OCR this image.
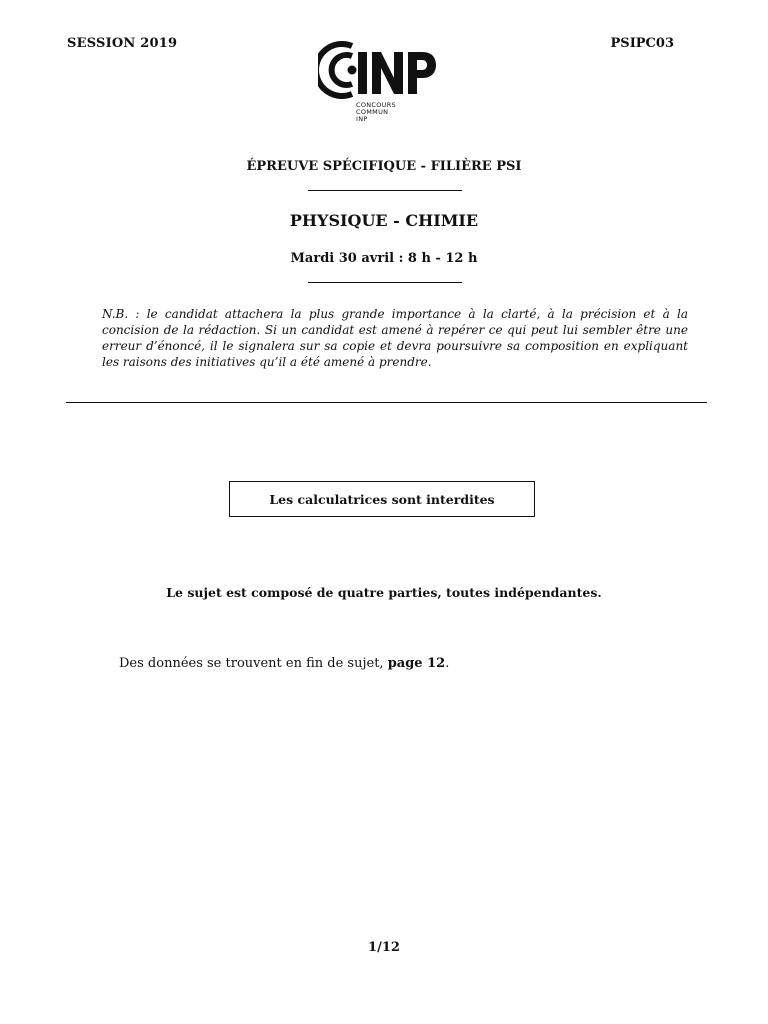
SESSION 2019	PSIPC03
CONCOURS
COMMUN
INP
ÉPREUVE SPÉCIFIQUE - FILIÈRE PSI
PHYSIQUE - CHIMIE
Mardi 30 avril : 8 h - 12 h
N.B. : le candidat attachera la plus grande importance à la clarté, à la précision et à la concision de la rédaction. Si un candidat est amené à repérer ce qui peut lui sembler être une erreur d’énoncé, il le signalera sur sa copie et devra poursuivre sa composition en expliquant les raisons des initiatives qu’il a été amené à prendre.
Les calculatrices sont interdites
Le sujet est composé de quatre parties, toutes indépendantes.
Des données se trouvent en fin de sujet, page 12.
1/12
